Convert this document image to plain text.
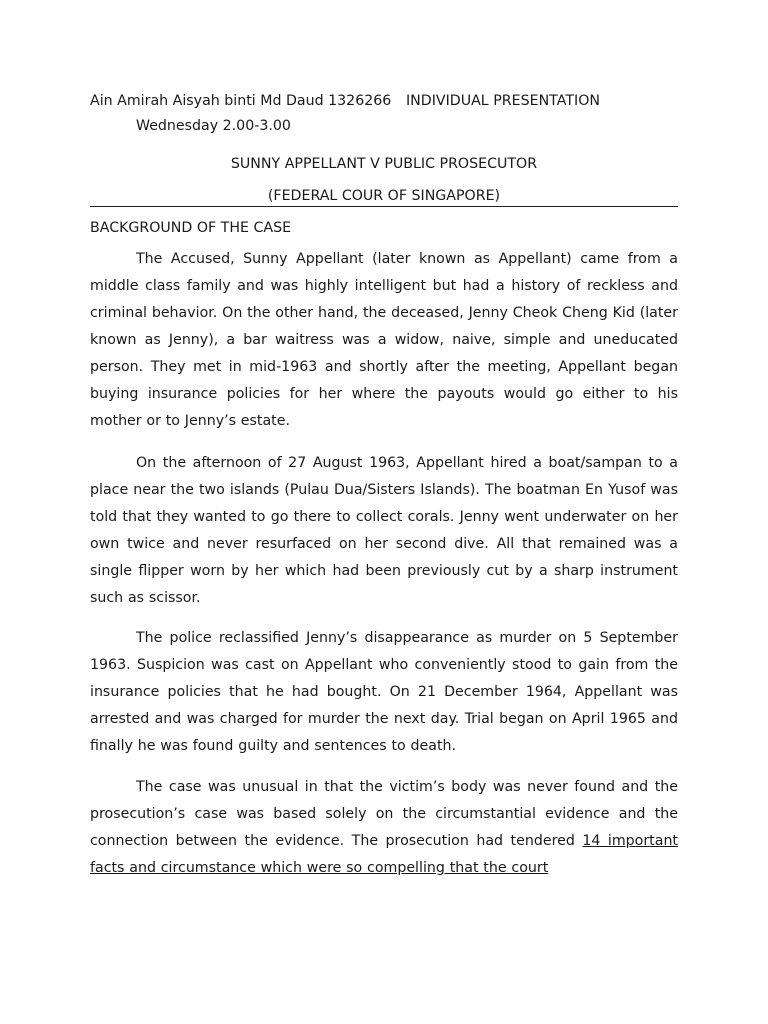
Ain Amirah Aisyah binti Md Daud 1326266 INDIVIDUAL PRESENTATION
Wednesday 2.00-3.00
SUNNY APPELLANT V PUBLIC PROSECUTOR
(FEDERAL COUR OF SINGAPORE)
BACKGROUND OF THE CASE

The Accused, Sunny Appellant (later known as Appellant) came from a middle class family and was highly intelligent but had a history of reckless and criminal behavior. On the other hand, the deceased, Jenny Cheok Cheng Kid (later known as Jenny), a bar waitress was a widow, naive, simple and uneducated person. They met in mid-1963 and shortly after the meeting, Appellant began buying insurance policies for her where the payouts would go either to his mother or to Jenny’s estate.

On the afternoon of 27 August 1963, Appellant hired a boat/sampan to a place near the two islands (Pulau Dua/Sisters Islands). The boatman En Yusof was told that they wanted to go there to collect corals. Jenny went underwater on her own twice and never resurfaced on her second dive. All that remained was a single flipper worn by her which had been previously cut by a sharp instrument such as scissor.

The police reclassified Jenny’s disappearance as murder on 5 September 1963. Suspicion was cast on Appellant who conveniently stood to gain from the insurance policies that he had bought. On 21 December 1964, Appellant was arrested and was charged for murder the next day. Trial began on April 1965 and finally he was found guilty and sentences to death.

The case was unusual in that the victim’s body was never found and the prosecution’s case was based solely on the circumstantial evidence and the connection between the evidence. The prosecution had tendered 14 important facts and circumstance which were so compelling that the court
